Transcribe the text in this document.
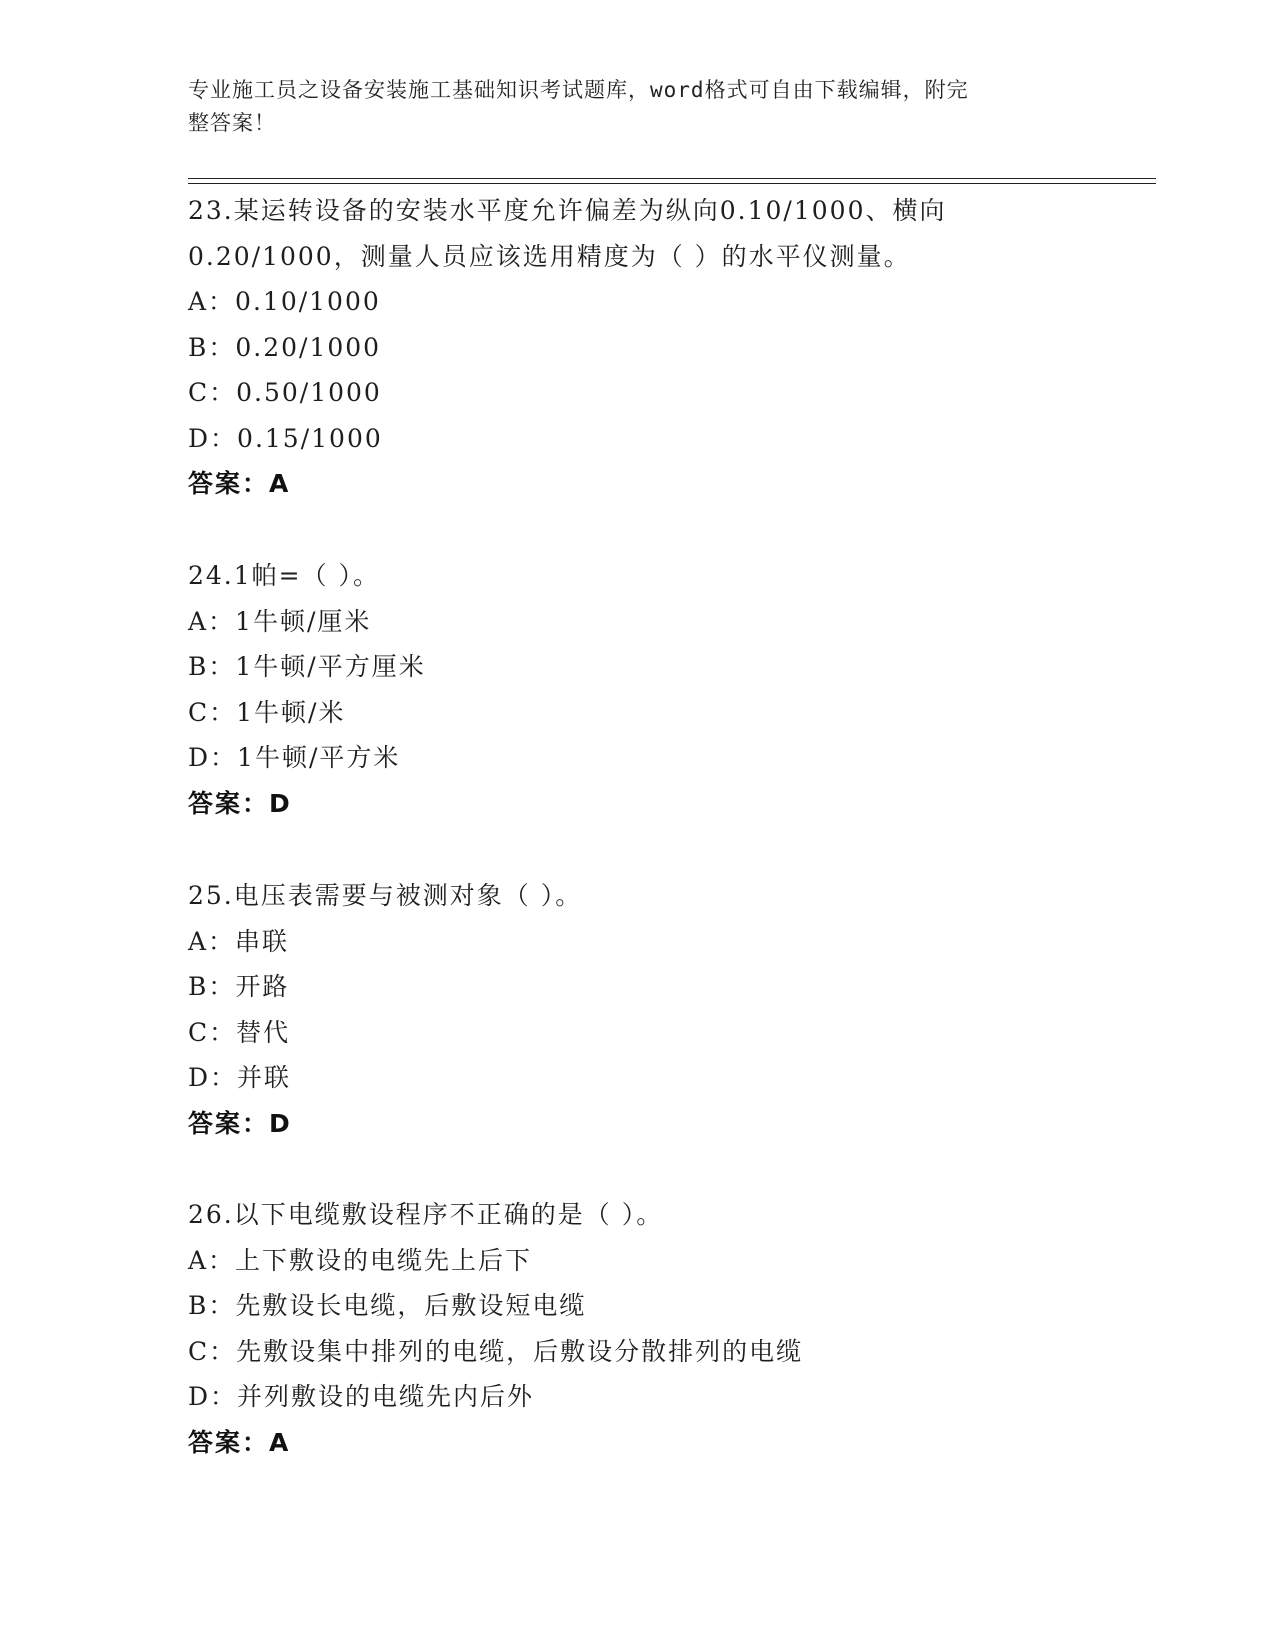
专业施工员之设备安装施工基础知识考试题库，word格式可自由下载编辑，附完
整答案！
23.某运转设备的安装水平度允许偏差为纵向0.10/1000、横向
0.20/1000，测量人员应该选用精度为（ ）的水平仪测量。
A：0.10/1000
B：0.20/1000
C：0.50/1000
D：0.15/1000
答案：A
24.1帕=（ ）。
A：1牛顿/厘米
B：1牛顿/平方厘米
C：1牛顿/米
D：1牛顿/平方米
答案：D
25.电压表需要与被测对象（ ）。
A：串联
B：开路
C：替代
D：并联
答案：D
26.以下电缆敷设程序不正确的是（ ）。
A：上下敷设的电缆先上后下
B：先敷设长电缆，后敷设短电缆
C：先敷设集中排列的电缆，后敷设分散排列的电缆
D：并列敷设的电缆先内后外
答案：A
